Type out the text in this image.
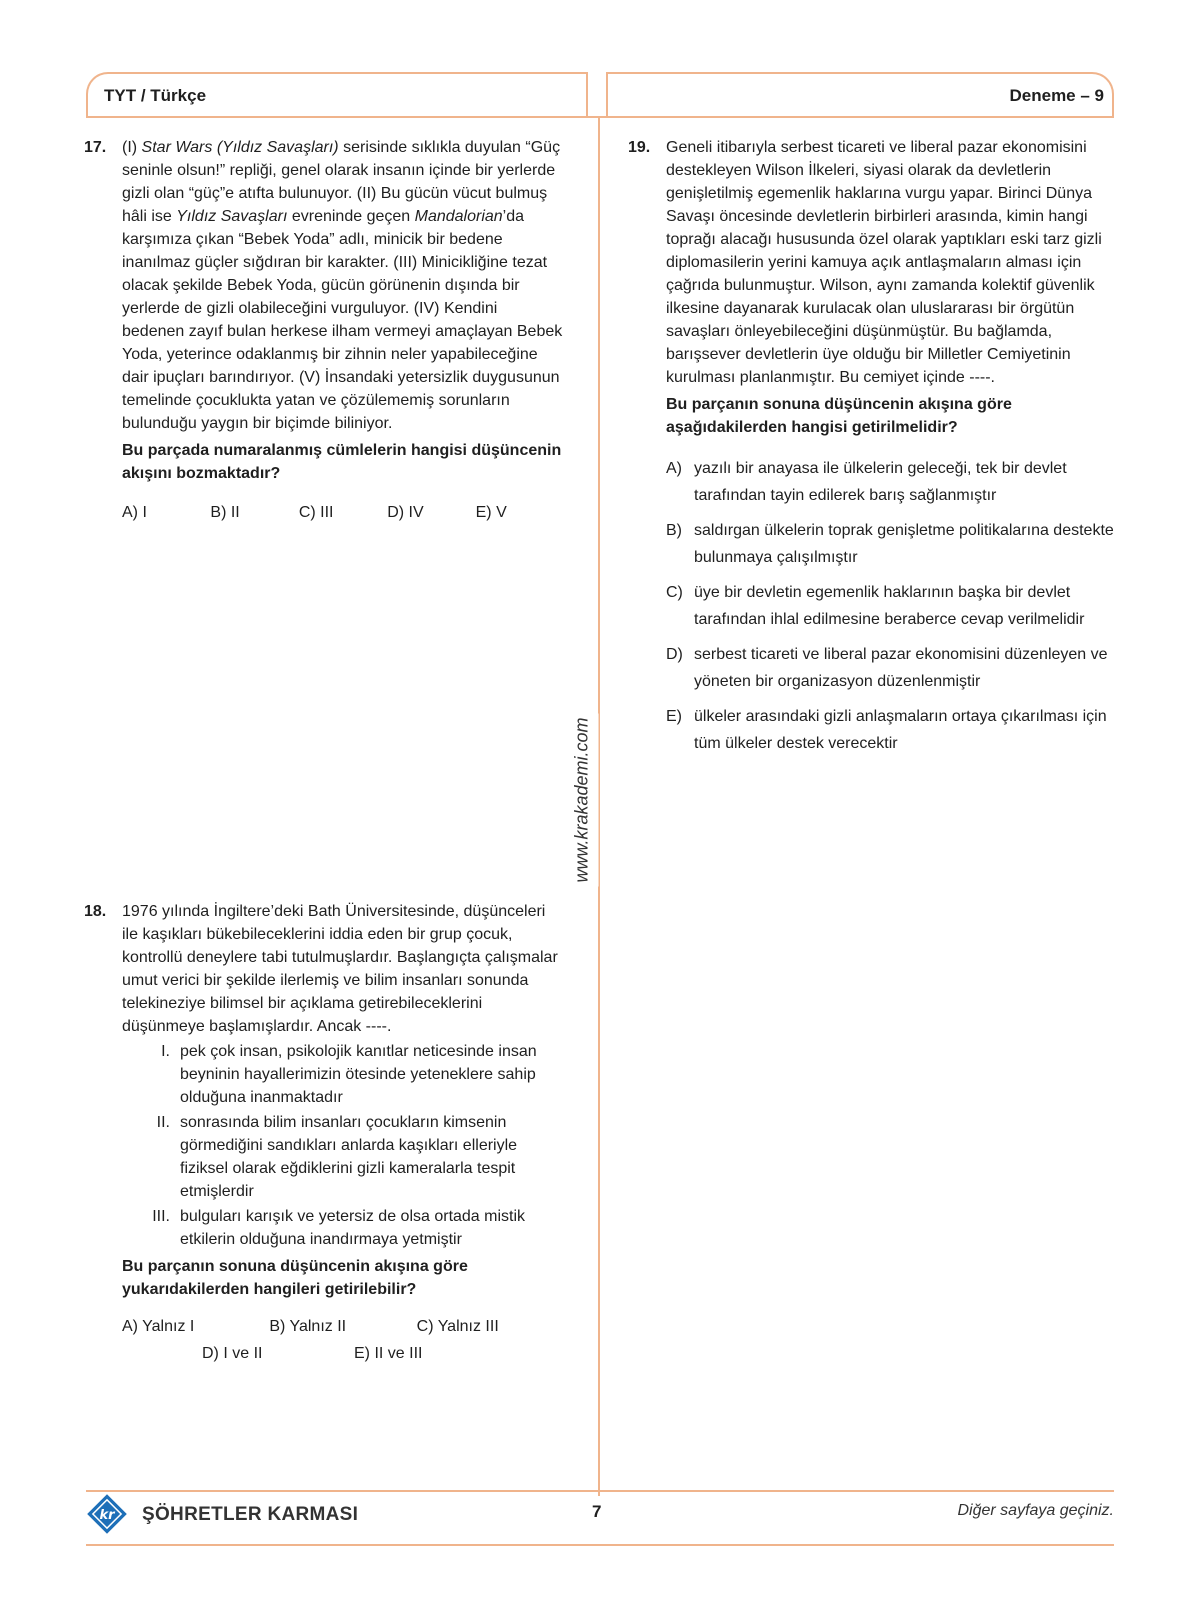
TYT / Türkçe	Deneme – 9
www.krakademi.com
17. (I) Star Wars (Yıldız Savaşları) serisinde sıklıkla duyulan “Güç seninle olsun!” repliği, genel olarak insanın içinde bir yerlerde gizli olan “güç”e atıfta bulunuyor. (II) Bu gücün vücut bulmuş hâli ise Yıldız Savaşları evreninde geçen Mandalorian’da karşımıza çıkan “Bebek Yoda” adlı, minicik bir bedene inanılmaz güçler sığdıran bir karakter. (III) Minicikliğine tezat olacak şekilde Bebek Yoda, gücün görünenin dışında bir yerlerde de gizli olabileceğini vurguluyor. (IV) Kendini bedenen zayıf bulan herkese ilham vermeyi amaçlayan Bebek Yoda, yeterince odaklanmış bir zihnin neler yapabileceğine dair ipuçları barındırıyor. (V) İnsandaki yetersizlik duygusunun temelinde çocuklukta yatan ve çözülememiş sorunların bulunduğu yaygın bir biçimde biliniyor.
Bu parçada numaralanmış cümlelerin hangisi düşüncenin akışını bozmaktadır?
A) I	B) II	C) III	D) IV	E) V
18. 1976 yılında İngiltere’deki Bath Üniversitesinde, düşünceleri ile kaşıkları bükebileceklerini iddia eden bir grup çocuk, kontrollü deneylere tabi tutulmuşlardır. Başlangıçta çalışmalar umut verici bir şekilde ilerlemiş ve bilim insanları sonunda telekineziye bilimsel bir açıklama getirebileceklerini düşünmeye başlamışlardır. Ancak ----.
I. pek çok insan, psikolojik kanıtlar neticesinde insan beyninin hayallerimizin ötesinde yeteneklere sahip olduğuna inanmaktadır
II. sonrasında bilim insanları çocukların kimsenin görmediğini sandıkları anlarda kaşıkları elleriyle fiziksel olarak eğdiklerini gizli kameralarla tespit etmişlerdir
III. bulguları karışık ve yetersiz de olsa ortada mistik etkilerin olduğuna inandırmaya yetmiştir
Bu parçanın sonuna düşüncenin akışına göre yukarıdakilerden hangileri getirilebilir?
A) Yalnız I	B) Yalnız II	C) Yalnız III
D) I ve II	E) II ve III
19. Geneli itibarıyla serbest ticareti ve liberal pazar ekonomisini destekleyen Wilson İlkeleri, siyasi olarak da devletlerin genişletilmiş egemenlik haklarına vurgu yapar. Birinci Dünya Savaşı öncesinde devletlerin birbirleri arasında, kimin hangi toprağı alacağı hususunda özel olarak yaptıkları eski tarz gizli diplomasilerin yerini kamuya açık antlaşmaların alması için çağrıda bulunmuştur. Wilson, aynı zamanda kolektif güvenlik ilkesine dayanarak kurulacak olan uluslararası bir örgütün savaşları önleyebileceğini düşünmüştür. Bu bağlamda, barışsever devletlerin üye olduğu bir Milletler Cemiyetinin kurulması planlanmıştır. Bu cemiyet içinde ----.
Bu parçanın sonuna düşüncenin akışına göre aşağıdakilerden hangisi getirilmelidir?
A) yazılı bir anayasa ile ülkelerin geleceği, tek bir devlet tarafından tayin edilerek barış sağlanmıştır
B) saldırgan ülkelerin toprak genişletme politikalarına destekte bulunmaya çalışılmıştır
C) üye bir devletin egemenlik haklarının başka bir devlet tarafından ihlal edilmesine beraberce cevap verilmelidir
D) serbest ticareti ve liberal pazar ekonomisini düzenleyen ve yöneten bir organizasyon düzenlenmiştir
E) ülkeler arasındaki gizli anlaşmaların ortaya çıkarılması için tüm ülkeler destek verecektir
kr ŞÖHRETLER KARMASI	7	Diğer sayfaya geçiniz.
